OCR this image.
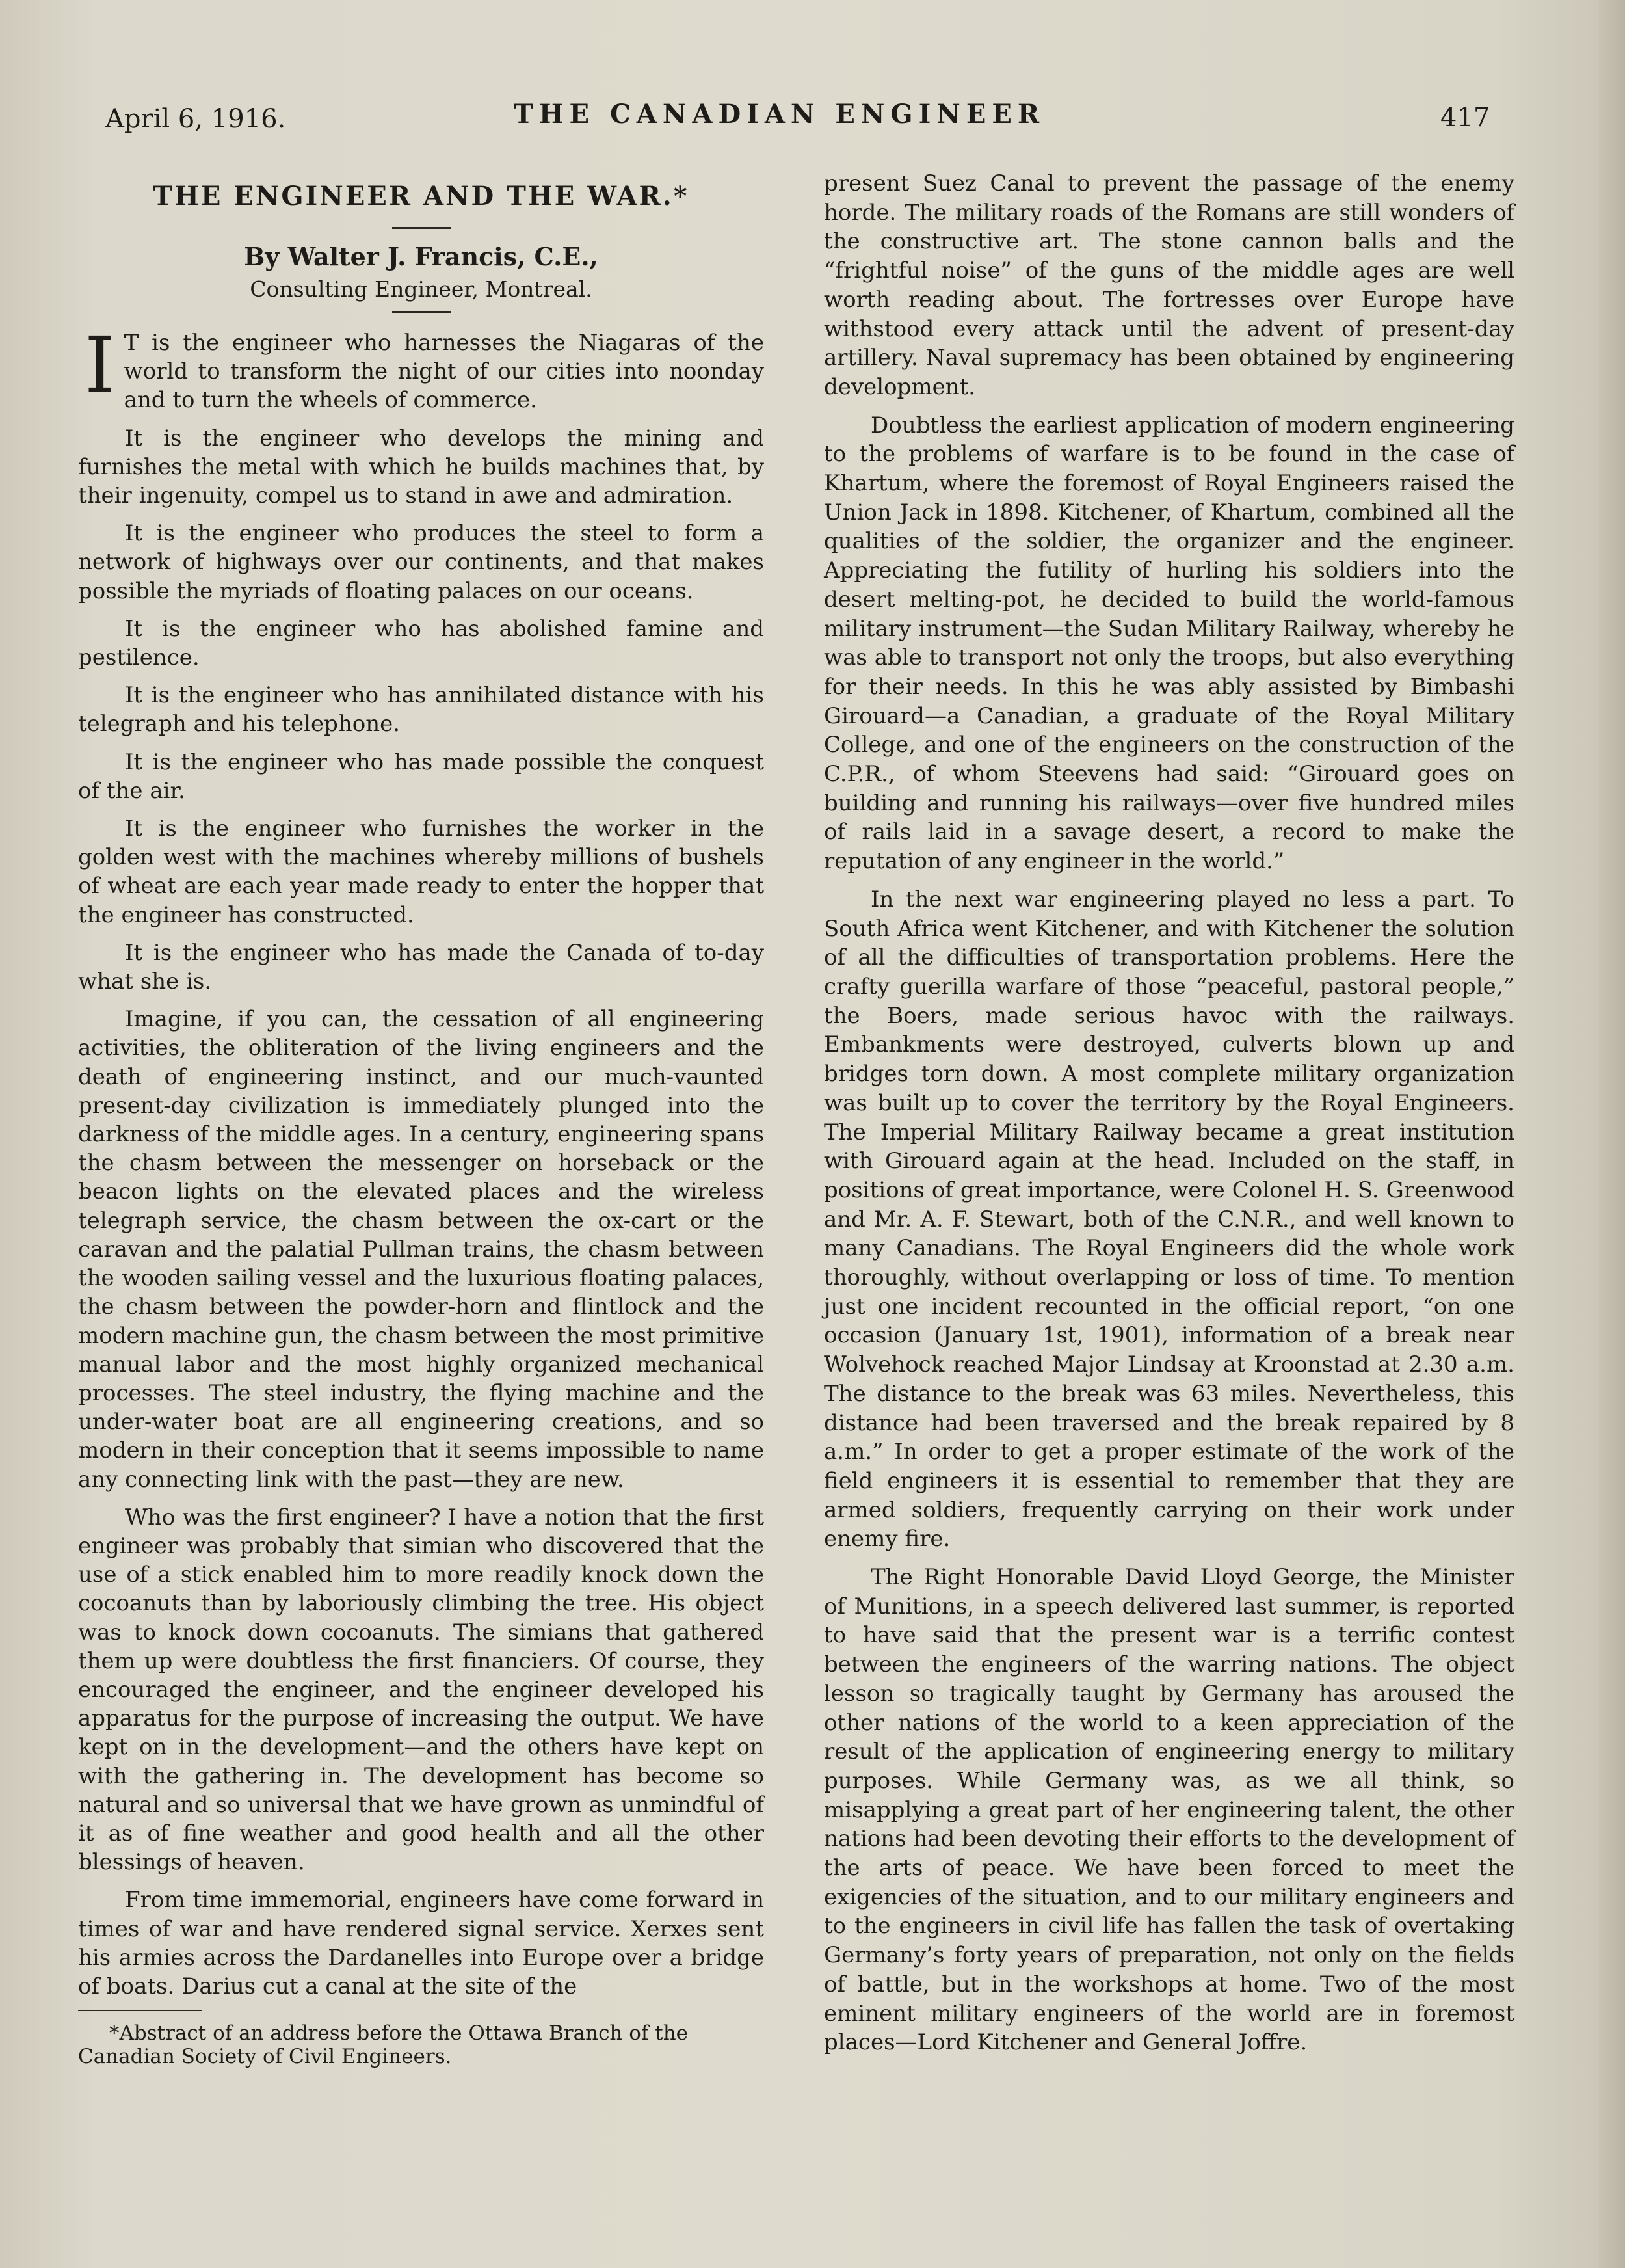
April 6, 1916.	THE CANADIAN ENGINEER	417
THE ENGINEER AND THE WAR.*
By Walter J. Francis, C.E.,
Consulting Engineer, Montreal.

I T is the engineer who harnesses the Niagaras of the world to transform the night of our cities into noonday and to turn the wheels of commerce.

It is the engineer who develops the mining and furnishes the metal with which he builds machines that, by their ingenuity, compel us to stand in awe and admiration.

It is the engineer who produces the steel to form a network of highways over our continents, and that makes possible the myriads of floating palaces on our oceans.

It is the engineer who has abolished famine and pestilence.

It is the engineer who has annihilated distance with his telegraph and his telephone.

It is the engineer who has made possible the conquest of the air.

It is the engineer who furnishes the worker in the golden west with the machines whereby millions of bushels of wheat are each year made ready to enter the hopper that the engineer has constructed.

It is the engineer who has made the Canada of to-day what she is.

Imagine, if you can, the cessation of all engineering activities, the obliteration of the living engineers and the death of engineering instinct, and our much-vaunted present-day civilization is immediately plunged into the darkness of the middle ages. In a century, engineering spans the chasm between the messenger on horseback or the beacon lights on the elevated places and the wireless telegraph service, the chasm between the ox-cart or the caravan and the palatial Pullman trains, the chasm between the wooden sailing vessel and the luxurious floating palaces, the chasm between the powder-horn and flintlock and the modern machine gun, the chasm between the most primitive manual labor and the most highly organized mechanical processes. The steel industry, the flying machine and the under-water boat are all engineering creations, and so modern in their conception that it seems impossible to name any connecting link with the past—they are new.

Who was the first engineer? I have a notion that the first engineer was probably that simian who discovered that the use of a stick enabled him to more readily knock down the cocoanuts than by laboriously climbing the tree. His object was to knock down cocoanuts. The simians that gathered them up were doubtless the first financiers. Of course, they encouraged the engineer, and the engineer developed his apparatus for the purpose of increasing the output. We have kept on in the development—and the others have kept on with the gathering in. The development has become so natural and so universal that we have grown as unmindful of it as of fine weather and good health and all the other blessings of heaven.

From time immemorial, engineers have come forward in times of war and have rendered signal service. Xerxes sent his armies across the Dardanelles into Europe over a bridge of boats. Darius cut a canal at the site of the

*Abstract of an address before the Ottawa Branch of the Canadian Society of Civil Engineers.

present Suez Canal to prevent the passage of the enemy horde. The military roads of the Romans are still wonders of the constructive art. The stone cannon balls and the “frightful noise” of the guns of the middle ages are well worth reading about. The fortresses over Europe have withstood every attack until the advent of present-day artillery. Naval supremacy has been obtained by engineering development.

Doubtless the earliest application of modern engineering to the problems of warfare is to be found in the case of Khartum, where the foremost of Royal Engineers raised the Union Jack in 1898. Kitchener, of Khartum, combined all the qualities of the soldier, the organizer and the engineer. Appreciating the futility of hurling his soldiers into the desert melting-pot, he decided to build the world-famous military instrument—the Sudan Military Railway, whereby he was able to transport not only the troops, but also everything for their needs. In this he was ably assisted by Bimbashi Girouard—a Canadian, a graduate of the Royal Military College, and one of the engineers on the construction of the C.P.R., of whom Steevens had said: “Girouard goes on building and running his railways—over five hundred miles of rails laid in a savage desert, a record to make the reputation of any engineer in the world.”

In the next war engineering played no less a part. To South Africa went Kitchener, and with Kitchener the solution of all the difficulties of transportation problems. Here the crafty guerilla warfare of those “peaceful, pastoral people,” the Boers, made serious havoc with the railways. Embankments were destroyed, culverts blown up and bridges torn down. A most complete military organization was built up to cover the territory by the Royal Engineers. The Imperial Military Railway became a great institution with Girouard again at the head. Included on the staff, in positions of great importance, were Colonel H. S. Greenwood and Mr. A. F. Stewart, both of the C.N.R., and well known to many Canadians. The Royal Engineers did the whole work thoroughly, without overlapping or loss of time. To mention just one incident recounted in the official report, “on one occasion (January 1st, 1901), information of a break near Wolvehock reached Major Lindsay at Kroonstad at 2.30 a.m. The distance to the break was 63 miles. Nevertheless, this distance had been traversed and the break repaired by 8 a.m.” In order to get a proper estimate of the work of the field engineers it is essential to remember that they are armed soldiers, frequently carrying on their work under enemy fire.

The Right Honorable David Lloyd George, the Minister of Munitions, in a speech delivered last summer, is reported to have said that the present war is a terrific contest between the engineers of the warring nations. The object lesson so tragically taught by Germany has aroused the other nations of the world to a keen appreciation of the result of the application of engineering energy to military purposes. While Germany was, as we all think, so misapplying a great part of her engineering talent, the other nations had been devoting their efforts to the development of the arts of peace. We have been forced to meet the exigencies of the situation, and to our military engineers and to the engineers in civil life has fallen the task of overtaking Germany’s forty years of preparation, not only on the fields of battle, but in the workshops at home. Two of the most eminent military engineers of the world are in foremost places—Lord Kitchener and General Joffre.
